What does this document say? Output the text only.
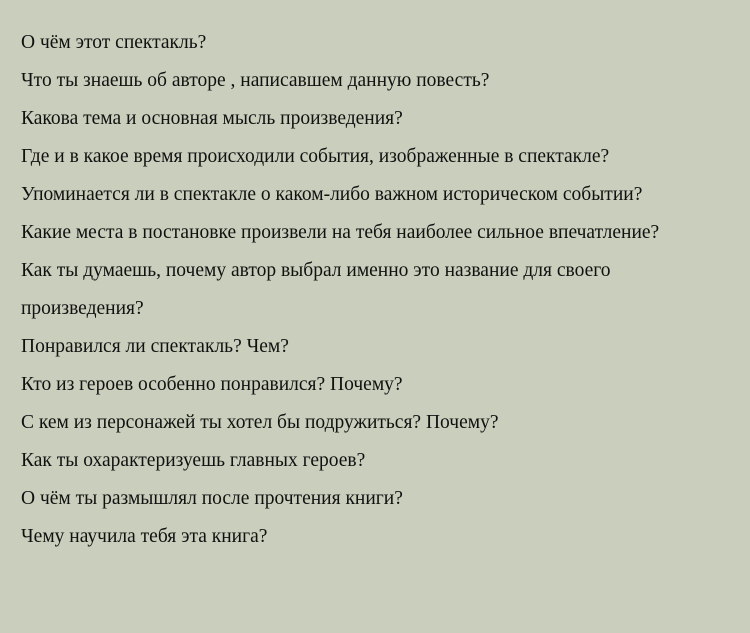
О чём этот спектакль?
Что ты знаешь об авторе , написавшем данную повесть?
Какова тема и основная мысль произведения?
Где и в какое время происходили события, изображенные в спектакле?
Упоминается ли в спектакле о каком-либо важном историческом событии?
Какие места в постановке произвели на тебя наиболее сильное впечатление?
Как ты думаешь, почему автор выбрал именно это название для своего произведения?
Понравился ли спектакль? Чем?
Кто из героев особенно понравился? Почему?
С кем из персонажей ты хотел бы подружиться? Почему?
Как ты охарактеризуешь главных героев?
О чём ты размышлял после прочтения книги?
Чему научила тебя эта книга?
